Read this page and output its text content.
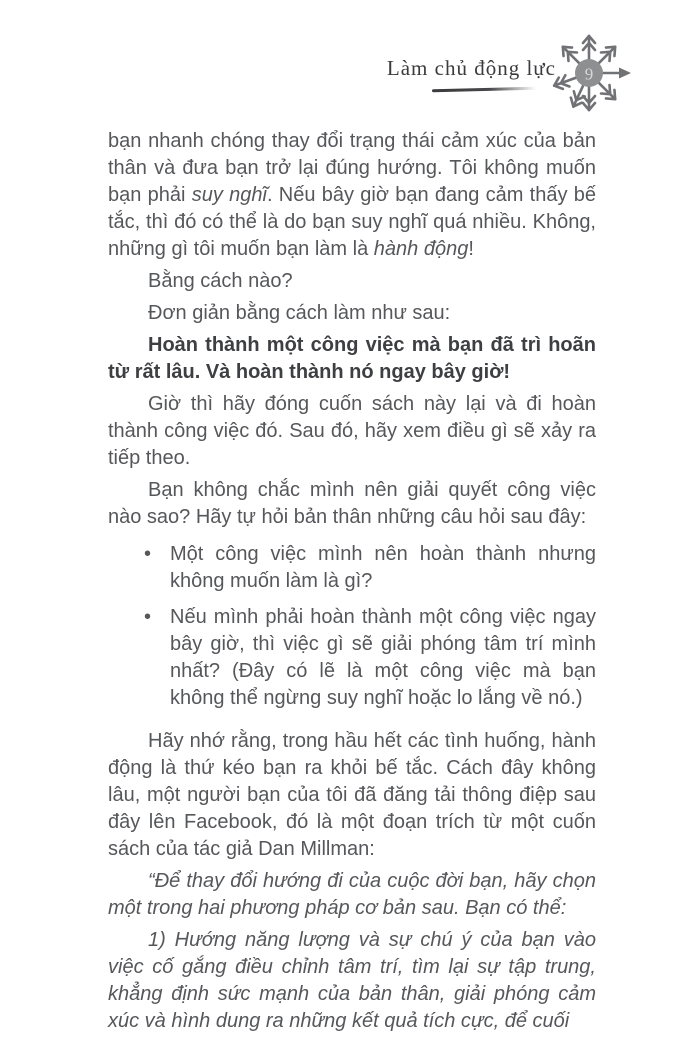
Làm chủ động lực 9

bạn nhanh chóng thay đổi trạng thái cảm xúc của bản thân và đưa bạn trở lại đúng hướng. Tôi không muốn bạn phải suy nghĩ. Nếu bây giờ bạn đang cảm thấy bế tắc, thì đó có thể là do bạn suy nghĩ quá nhiều. Không, những gì tôi muốn bạn làm là hành động!

Bằng cách nào?

Đơn giản bằng cách làm như sau:

Hoàn thành một công việc mà bạn đã trì hoãn từ rất lâu. Và hoàn thành nó ngay bây giờ!

Giờ thì hãy đóng cuốn sách này lại và đi hoàn thành công việc đó. Sau đó, hãy xem điều gì sẽ xảy ra tiếp theo.

Bạn không chắc mình nên giải quyết công việc nào sao? Hãy tự hỏi bản thân những câu hỏi sau đây:

• Một công việc mình nên hoàn thành nhưng không muốn làm là gì?
• Nếu mình phải hoàn thành một công việc ngay bây giờ, thì việc gì sẽ giải phóng tâm trí mình nhất? (Đây có lẽ là một công việc mà bạn không thể ngừng suy nghĩ hoặc lo lắng về nó.)

Hãy nhớ rằng, trong hầu hết các tình huống, hành động là thứ kéo bạn ra khỏi bế tắc. Cách đây không lâu, một người bạn của tôi đã đăng tải thông điệp sau đây lên Facebook, đó là một đoạn trích từ một cuốn sách của tác giả Dan Millman:

“Để thay đổi hướng đi của cuộc đời bạn, hãy chọn một trong hai phương pháp cơ bản sau. Bạn có thể:

1) Hướng năng lượng và sự chú ý của bạn vào việc cố gắng điều chỉnh tâm trí, tìm lại sự tập trung, khẳng định sức mạnh của bản thân, giải phóng cảm xúc và hình dung ra những kết quả tích cực, để cuối
